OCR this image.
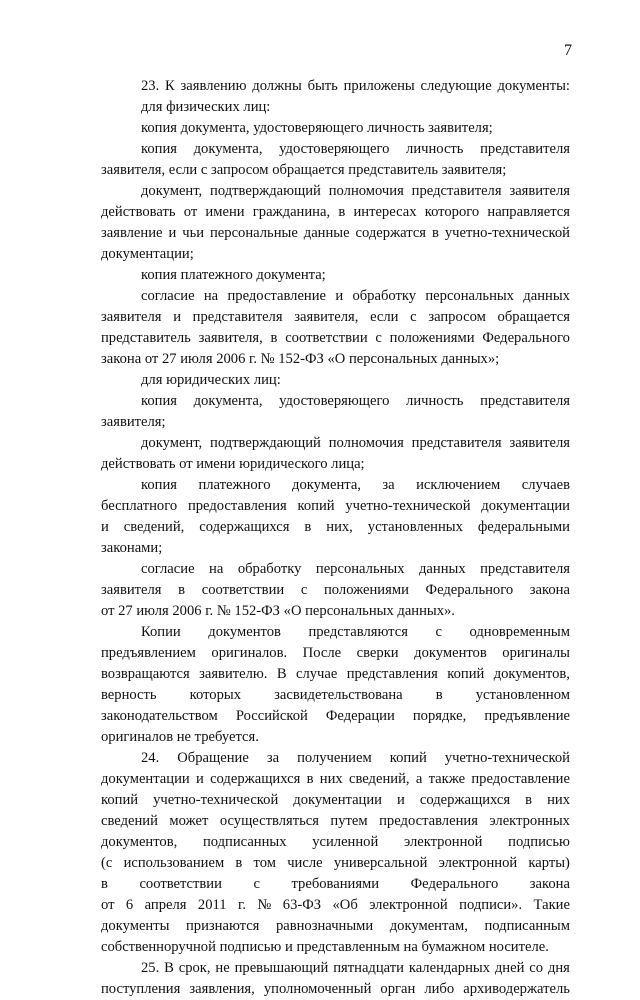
7
23. К заявлению должны быть приложены следующие документы:
для физических лиц:
копия документа, удостоверяющего личность заявителя;
копия документа, удостоверяющего личность представителя
заявителя, если с запросом обращается представитель заявителя;
документ, подтверждающий полномочия представителя заявителя
действовать от имени гражданина, в интересах которого направляется
заявление и чьи персональные данные содержатся в учетно-технической
документации;
копия платежного документа;
согласие на предоставление и обработку персональных данных
заявителя и представителя заявителя, если с запросом обращается
представитель заявителя, в соответствии с положениями Федерального
закона от 27 июля 2006 г. № 152-ФЗ «О персональных данных»;
для юридических лиц:
копия документа, удостоверяющего личность представителя
заявителя;
документ, подтверждающий полномочия представителя заявителя
действовать от имени юридического лица;
копия платежного документа, за исключением случаев
бесплатного предоставления копий учетно-технической документации
и сведений, содержащихся в них, установленных федеральными
законами;
согласие на обработку персональных данных представителя
заявителя в соответствии с положениями Федерального закона
от 27 июля 2006 г. № 152-ФЗ «О персональных данных».
Копии документов представляются с одновременным
предъявлением оригиналов. После сверки документов оригиналы
возвращаются заявителю. В случае представления копий документов,
верность которых засвидетельствована в установленном
законодательством Российской Федерации порядке, предъявление
оригиналов не требуется.
24. Обращение за получением копий учетно-технической
документации и содержащихся в них сведений, а также предоставление
копий учетно-технической документации и содержащихся в них
сведений может осуществляться путем предоставления электронных
документов, подписанных усиленной электронной подписью
(с использованием в том числе универсальной электронной карты)
в соответствии с требованиями Федерального закона
от 6 апреля 2011 г. № 63-ФЗ «Об электронной подписи». Такие
документы признаются равнозначными документам, подписанным
собственноручной подписью и представленным на бумажном носителе.
25. В срок, не превышающий пятнадцати календарных дней со дня
поступления заявления, уполномоченный орган либо архиводержатель
